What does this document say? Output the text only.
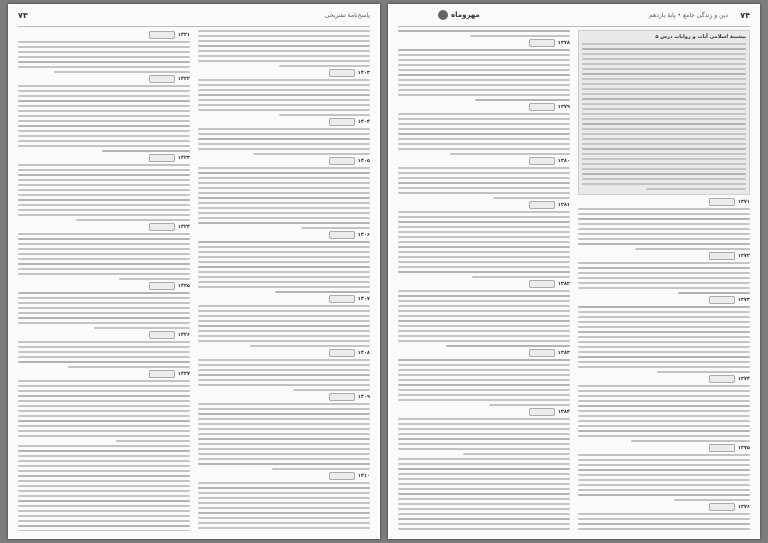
۷۳	پاسخ‌نامهٔ تشریحی
۱۴۰۳
۱۴۰۴
۱۴۰۵
۱۴۰۶
۱۴۰۷
۱۴۰۸
۱۴۰۹
۱۴۱۰
۱۴۲۱
۱۴۲۲
۱۴۲۳
۱۴۲۴
۱۴۲۵
۱۴۲۶
۱۴۲۷
۷۴
دین و زندگی جامع • پایهٔ یازدهم
مهروماه
پیشینهٔ اسلامی آیات و روایات درس ۵
۱۳۷۱
۱۳۷۲
۱۳۷۳
۱۳۷۴
۱۳۷۵
۱۳۷۶
۱۳۷۸
۱۳۷۹
۱۳۸۰
۱۳۸۱
۱۳۸۲
۱۳۸۳
۱۳۸۴
